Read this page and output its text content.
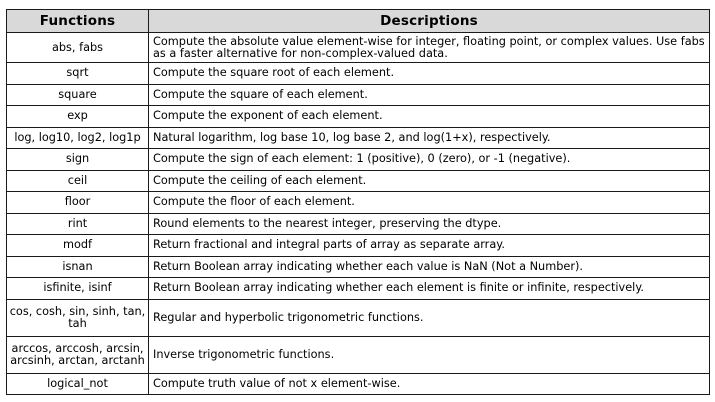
Functions	Descriptions
abs, fabs	Compute the absolute value element-wise for integer, floating point, or complex values. Use fabs as a faster alternative for non-complex-valued data.
sqrt	Compute the square root of each element.
square	Compute the square of each element.
exp	Compute the exponent of each element.
log, log10, log2, log1p	Natural logarithm, log base 10, log base 2, and log(1+x), respectively.
sign	Compute the sign of each element: 1 (positive), 0 (zero), or -1 (negative).
ceil	Compute the ceiling of each element.
floor	Compute the floor of each element.
rint	Round elements to the nearest integer, preserving the dtype.
modf	Return fractional and integral parts of array as separate array.
isnan	Return Boolean array indicating whether each value is NaN (Not a Number).
isfinite, isinf	Return Boolean array indicating whether each element is finite or infinite, respectively.
cos, cosh, sin, sinh, tan, tah	Regular and hyperbolic trigonometric functions.
arccos, arccosh, arcsin, arcsinh, arctan, arctanh	Inverse trigonometric functions.
logical_not	Compute truth value of not x element-wise.
